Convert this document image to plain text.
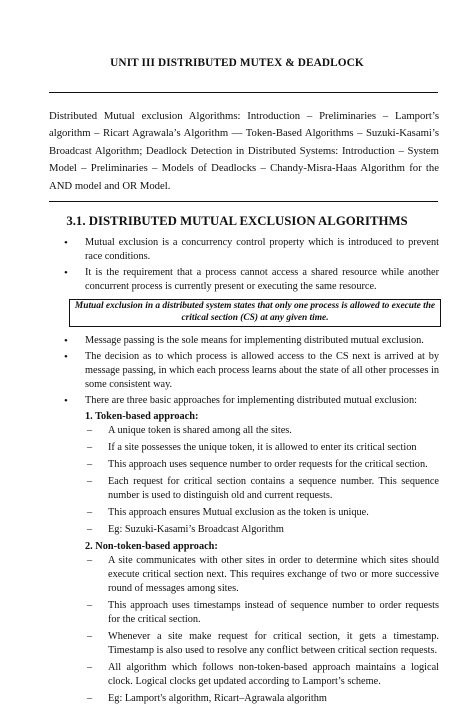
UNIT III DISTRIBUTED MUTEX & DEADLOCK
Distributed Mutual exclusion Algorithms: Introduction – Preliminaries – Lamport’s algorithm – Ricart Agrawala’s Algorithm –– Token-Based Algorithms – Suzuki-Kasami’s Broadcast Algorithm; Deadlock Detection in Distributed Systems: Introduction – System Model – Preliminaries – Models of Deadlocks – Chandy-Misra-Haas Algorithm for the AND model and OR Model.
3.1. DISTRIBUTED MUTUAL EXCLUSION ALGORITHMS
• Mutual exclusion is a concurrency control property which is introduced to prevent race conditions.
• It is the requirement that a process cannot access a shared resource while another concurrent process is currently present or executing the same resource.
Mutual exclusion in a distributed system states that only one process is allowed to execute the critical section (CS) at any given time.
• Message passing is the sole means for implementing distributed mutual exclusion.
• The decision as to which process is allowed access to the CS next is arrived at by message passing, in which each process learns about the state of all other processes in some consistent way.
• There are three basic approaches for implementing distributed mutual exclusion:
1. Token-based approach:
– A unique token is shared among all the sites.
– If a site possesses the unique token, it is allowed to enter its critical section
– This approach uses sequence number to order requests for the critical section.
– Each request for critical section contains a sequence number. This sequence number is used to distinguish old and current requests.
– This approach ensures Mutual exclusion as the token is unique.
– Eg: Suzuki-Kasami’s Broadcast Algorithm
2. Non-token-based approach:
– A site communicates with other sites in order to determine which sites should execute critical section next. This requires exchange of two or more successive round of messages among sites.
– This approach uses timestamps instead of sequence number to order requests for the critical section.
– Whenever a site make request for critical section, it gets a timestamp. Timestamp is also used to resolve any conflict between critical section requests.
– All algorithm which follows non-token-based approach maintains a logical clock. Logical clocks get updated according to Lamport’s scheme.
– Eg: Lamport's algorithm, Ricart–Agrawala algorithm
